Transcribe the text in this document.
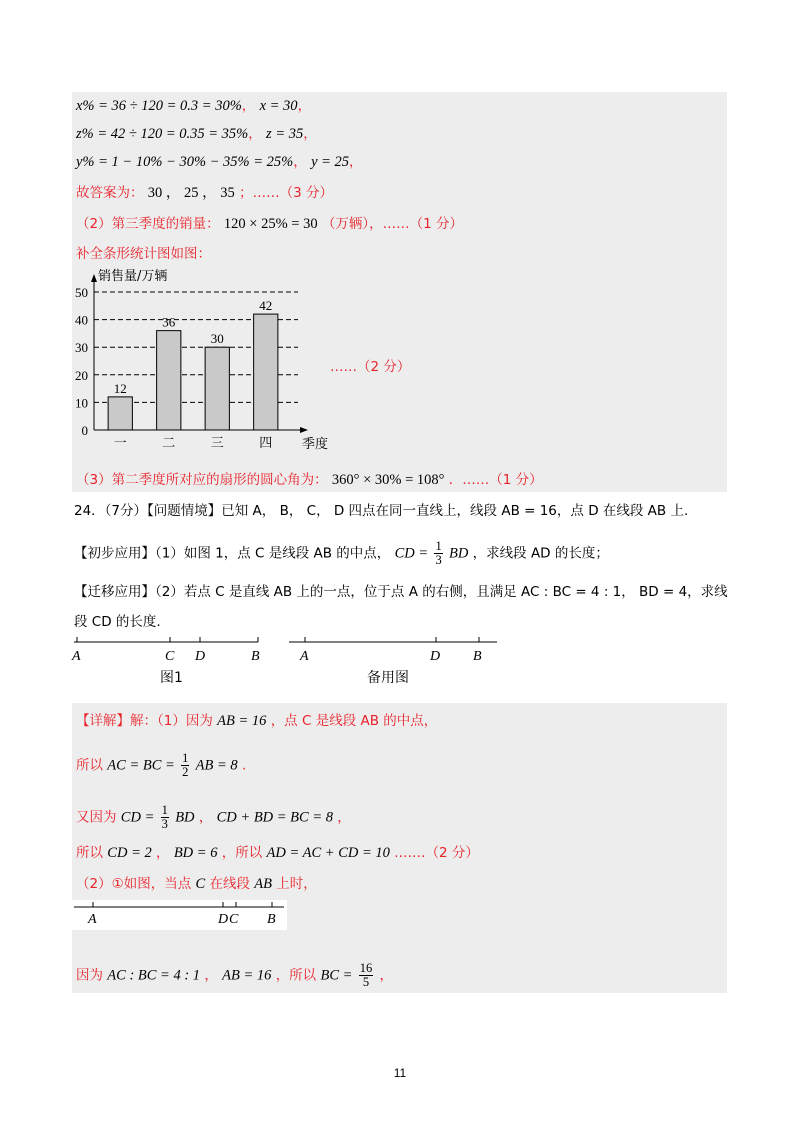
x% = 36 ÷ 120 = 0.3 = 30%， x = 30，
z% = 42 ÷ 120 = 0.35 = 35%， z = 35，
y% = 1 − 10% − 30% − 35% = 25%， y = 25，
故答案为： 30 ， 25 ， 35 ；……（3 分）
（2）第三季度的销量： 120 × 25% = 30 （万辆），……（1 分）
补全条形统计图如图：
销售量/万辆
0
10
20
30
40
50
12
一
36
二
30
三
42
四 季度
……（2 分）
（3）第二季度所对应的扇形的圆心角为： 360° × 30% = 108° ．……（1 分）
24．（7分）【问题情境】已知 A， B， C， D 四点在同一直线上，线段 AB = 16，点 D 在线段 AB 上.
【初步应用】（1）如图 1，点 C 是线段 AB 的中点， CD = $\frac{1}{3}$ BD ，求线段 AD 的长度；
【迁移应用】（2）若点 C 是直线 AB 上的一点，位于点 A 的右侧，且满足 AC : BC = 4 : 1， BD = 4，求线
段 CD 的长度.
A	C D	B
图1
A	D B
备用图
【详解】解：（1）因为 AB = 16 ，点 C 是线段 AB 的中点，
所以 AC = BC = $\frac{1}{2}$ AB = 8 .
又因为 CD = $\frac{1}{3}$ BD ， CD + BD = BC = 8 ，
所以 CD = 2 ， BD = 6 ，所以 AD = AC + CD = 10 .……（2 分）
（2）①如图，当点 C 在线段 AB 上时，
A	D C B
因为 AC : BC = 4 : 1 ， AB = 16 ，所以 BC = $\frac{16}{5}$ ，
11
